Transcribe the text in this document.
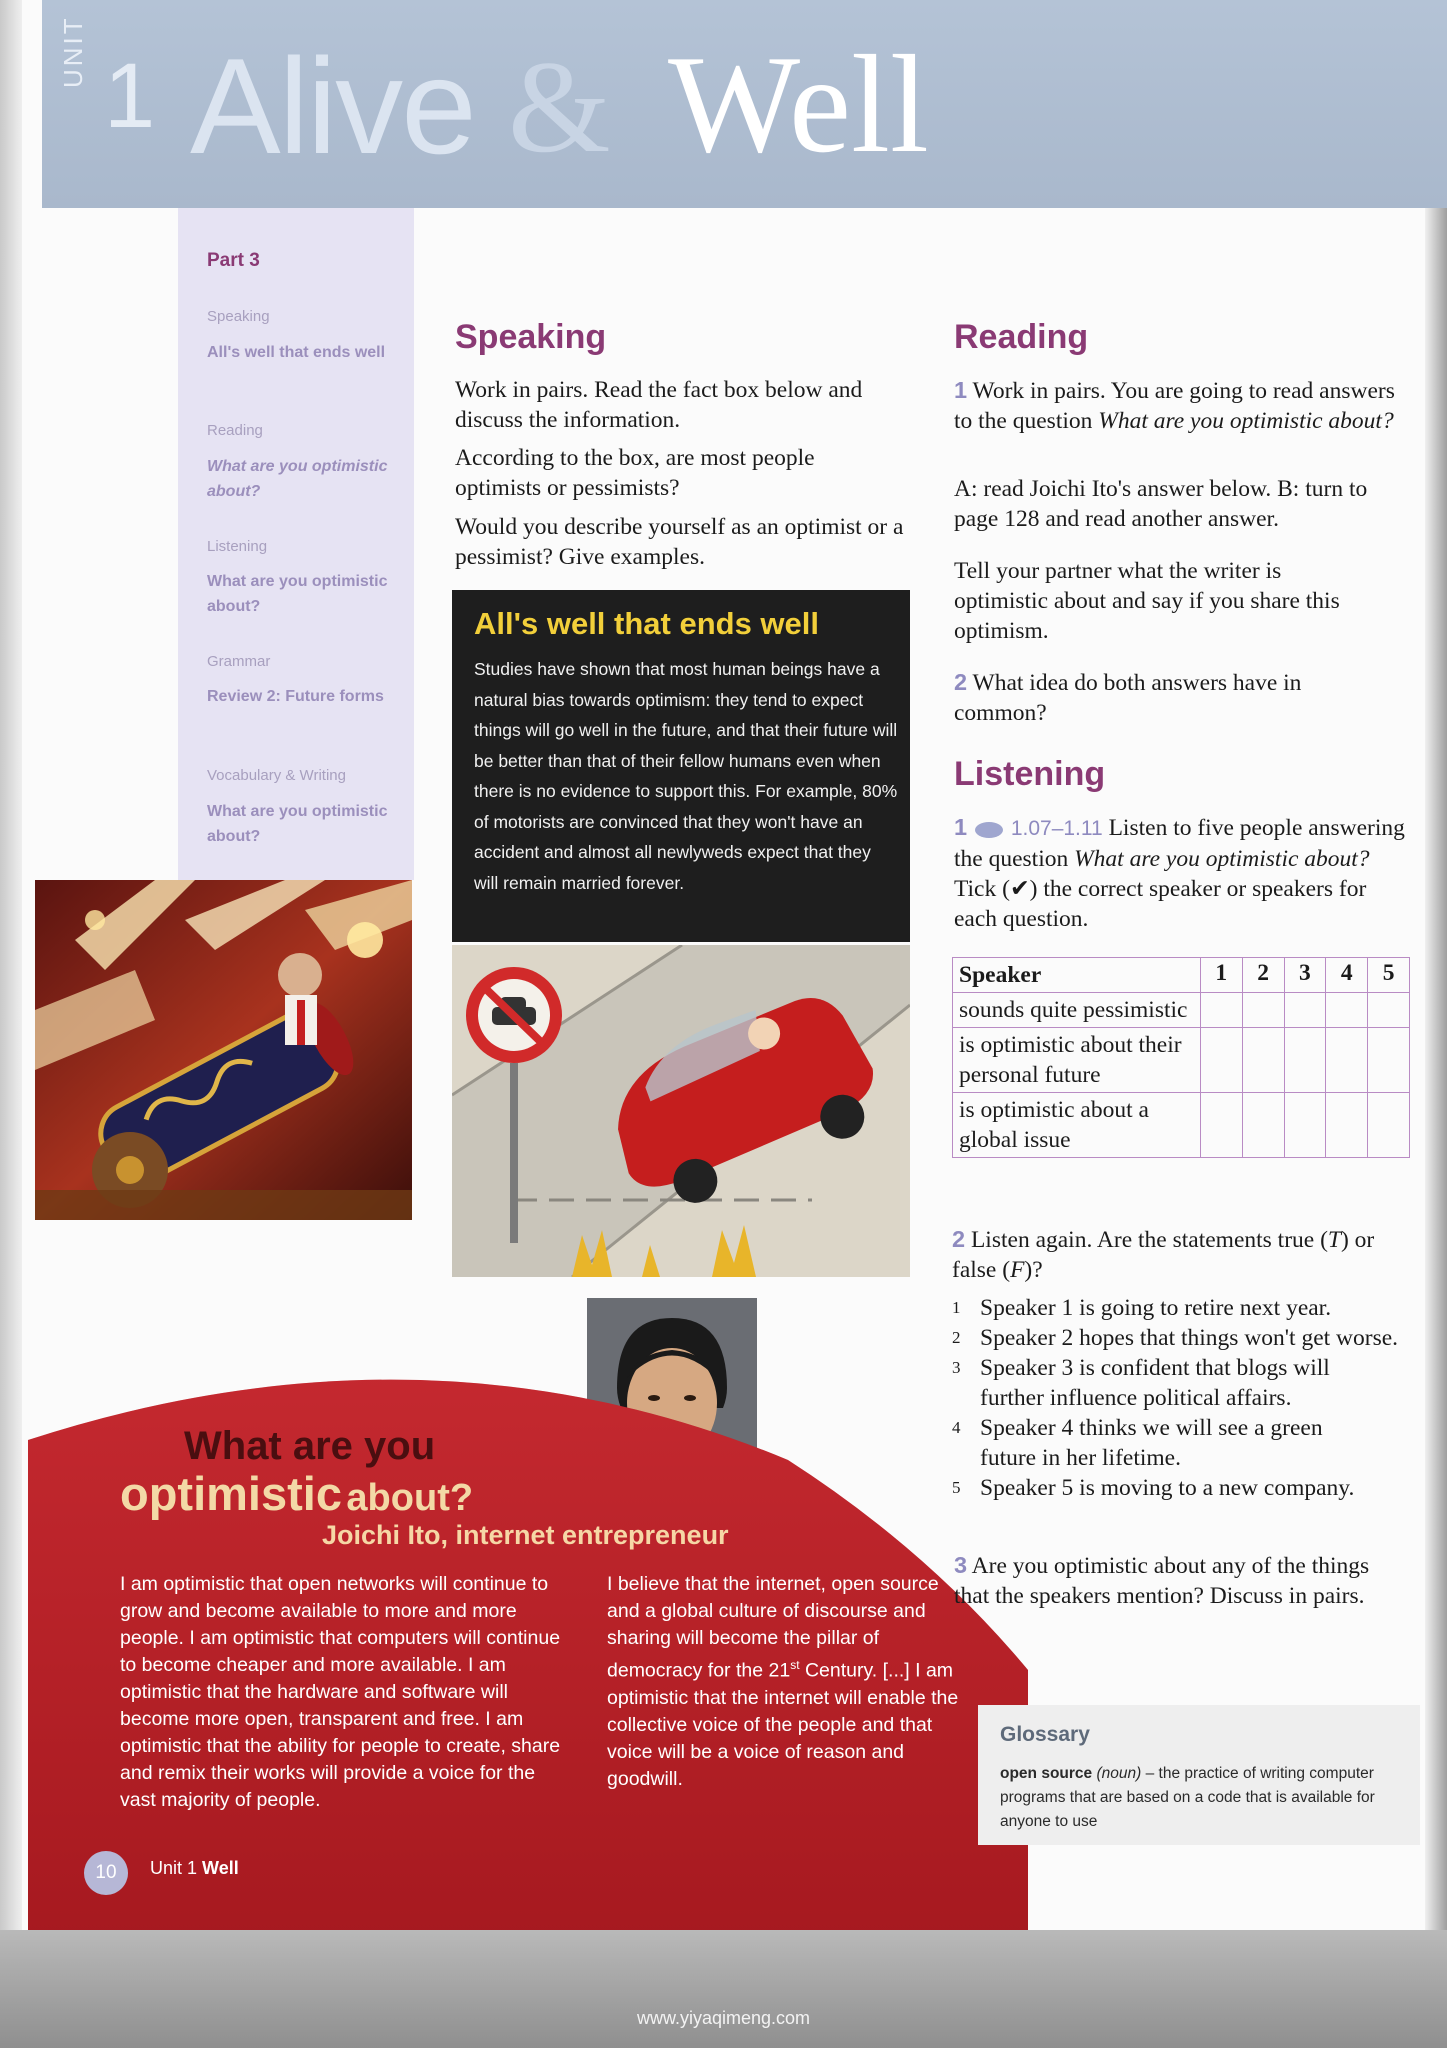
UNIT 1 Alive & Well
Part 3
Speaking
All's well that ends well
Reading
What are you optimistic about?
Listening
What are you optimistic about?
Grammar
Review 2: Future forms
Vocabulary & Writing
What are you optimistic about?
Speaking
Work in pairs. Read the fact box below and discuss the information.
According to the box, are most people optimists or pessimists?
Would you describe yourself as an optimist or a pessimist? Give examples.
All's well that ends well
Studies have shown that most human beings have a natural bias towards optimism: they tend to expect things will go well in the future, and that their future will be better than that of their fellow humans even when there is no evidence to support this. For example, 80% of motorists are convinced that they won't have an accident and almost all newlyweds expect that they will remain married forever.
What are you
optimistic about?
Joichi Ito, internet entrepreneur
I am optimistic that open networks will continue to grow and become available to more and more people. I am optimistic that computers will continue to become cheaper and more available. I am optimistic that the hardware and software will become more open, transparent and free. I am optimistic that the ability for people to create, share and remix their works will provide a voice for the vast majority of people.
I believe that the internet, open source and a global culture of discourse and sharing will become the pillar of democracy for the 21st Century. [...] I am optimistic that the internet will enable the collective voice of the people and that voice will be a voice of reason and goodwill.
Reading
1 Work in pairs. You are going to read answers to the question What are you optimistic about?
A: read Joichi Ito's answer below. B: turn to page 128 and read another answer.
Tell your partner what the writer is optimistic about and say if you share this optimism.
2 What idea do both answers have in common?
Listening
1 1.07–1.11 Listen to five people answering the question What are you optimistic about? Tick (✔) the correct speaker or speakers for each question.
Speaker	1	2	3	4	5
sounds quite pessimistic					
is optimistic about their personal future					
is optimistic about a global issue					
2 Listen again. Are the statements true (T) or false (F)?
1 Speaker 1 is going to retire next year.
2 Speaker 2 hopes that things won't get worse.
3 Speaker 3 is confident that blogs will further influence political affairs.
4 Speaker 4 thinks we will see a green future in her lifetime.
5 Speaker 5 is moving to a new company.
3 Are you optimistic about any of the things that the speakers mention? Discuss in pairs.
Glossary
open source (noun) – the practice of writing computer programs that are based on a code that is available for anyone to use
10	Unit 1 Well
www.yiyaqimeng.com
